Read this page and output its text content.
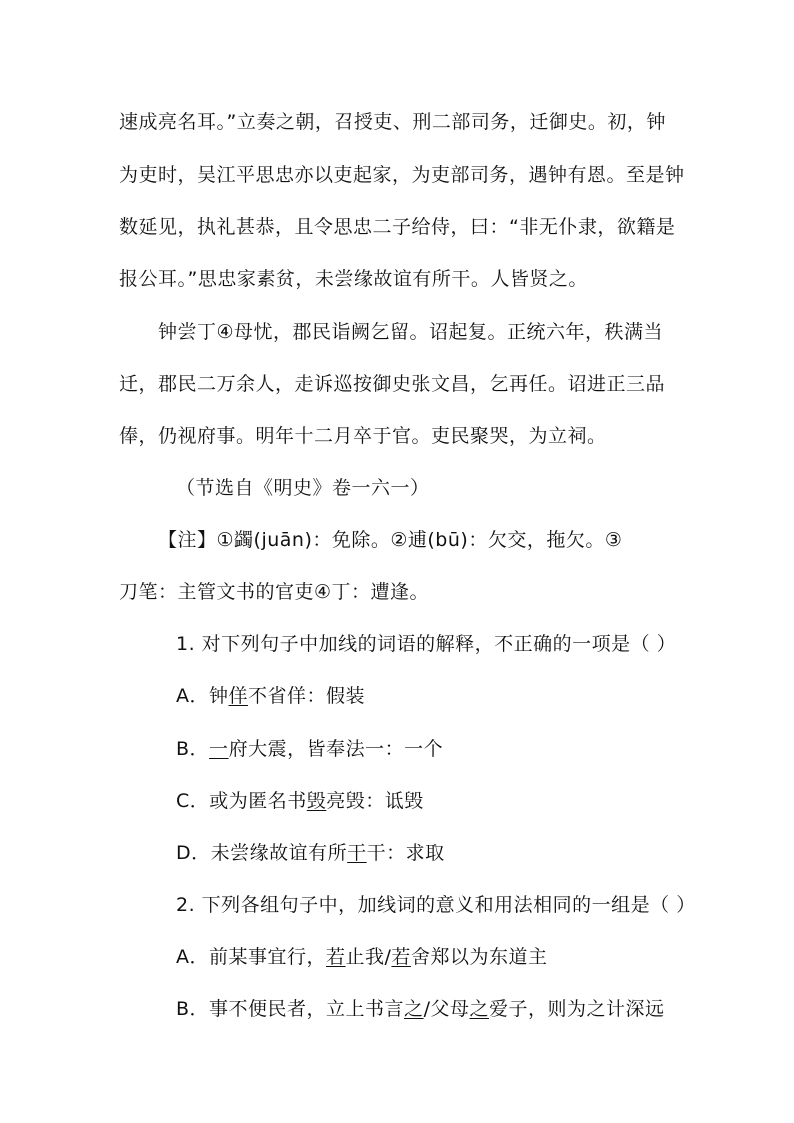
速成亮名耳。”立奏之朝，召授吏、刑二部司务，迁御史。初，钟
为吏时，吴江平思忠亦以吏起家，为吏部司务，遇钟有恩。至是钟
数延见，执礼甚恭，且令思忠二子给侍，曰：“非无仆隶，欲籍是
报公耳。”思忠家素贫，未尝缘故谊有所干。人皆贤之。
钟尝丁④母忧，郡民诣阙乞留。诏起复。正统六年，秩满当
迁，郡民二万余人，走诉巡按御史张文昌，乞再任。诏进正三品
俸，仍视府事。明年十二月卒于官。吏民聚哭，为立祠。
（节选自《明史》卷一六一）
【注】①蠲(juān)：免除。②逋(bū)：欠交，拖欠。③
刀笔：主管文书的官吏④丁：遭逢。
1. 对下列句子中加线的词语的解释，不正确的一项是（ ）
A．钟佯不省佯：假装
B．一府大震，皆奉法一：一个
C．或为匿名书毁亮毁：诋毁
D．未尝缘故谊有所干干：求取
2. 下列各组句子中，加线词的意义和用法相同的一组是（ ）
A．前某事宜行，若止我/若舍郑以为东道主
B．事不便民者，立上书言之/父母之爱子，则为之计深远
